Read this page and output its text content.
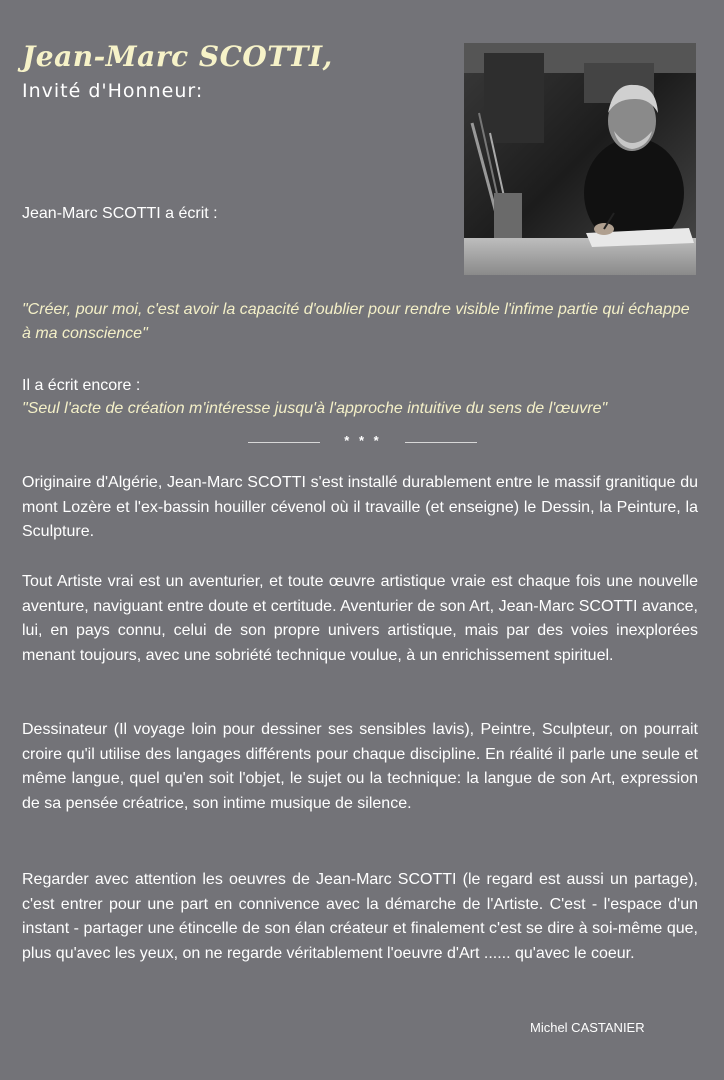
Jean-Marc SCOTTI,
Invité d'Honneur:
Jean-Marc SCOTTI a écrit :
"Créer, pour moi, c'est avoir la capacité d'oublier pour rendre visible l'infime partie qui échappe à ma conscience"
Il a écrit encore :
"Seul l'acte de création m'intéresse jusqu'à l'approche intuitive du sens de l'œuvre"
* * *
Originaire d'Algérie, Jean-Marc SCOTTI s'est installé durablement entre le massif granitique du mont Lozère et l'ex-bassin houiller cévenol où il travaille (et enseigne) le Dessin, la Peinture, la Sculpture.
Tout Artiste vrai est un aventurier, et toute œuvre artistique vraie est chaque fois une nouvelle aventure, naviguant entre doute et certitude. Aventurier de son Art, Jean-Marc SCOTTI avance, lui, en pays connu, celui de son propre univers artistique, mais par des voies inexplorées menant toujours, avec une sobriété technique voulue, à un enrichissement spirituel.
Dessinateur (Il voyage loin pour dessiner ses sensibles lavis), Peintre, Sculpteur, on pourrait croire qu'il utilise des langages différents pour chaque discipline. En réalité il parle une seule et même langue, quel qu'en soit l'objet, le sujet ou la technique: la langue de son Art, expression de sa pensée créatrice, son intime musique de silence.
Regarder avec attention les oeuvres de Jean-Marc SCOTTI (le regard est aussi un partage), c'est entrer pour une part en connivence avec la démarche de l'Artiste. C'est - l'espace d'un instant - partager une étincelle de son élan créateur et finalement c'est se dire à soi-même que, plus qu'avec les yeux, on ne regarde véritablement l'oeuvre d'Art ...... qu'avec le coeur.
Michel CASTANIER
